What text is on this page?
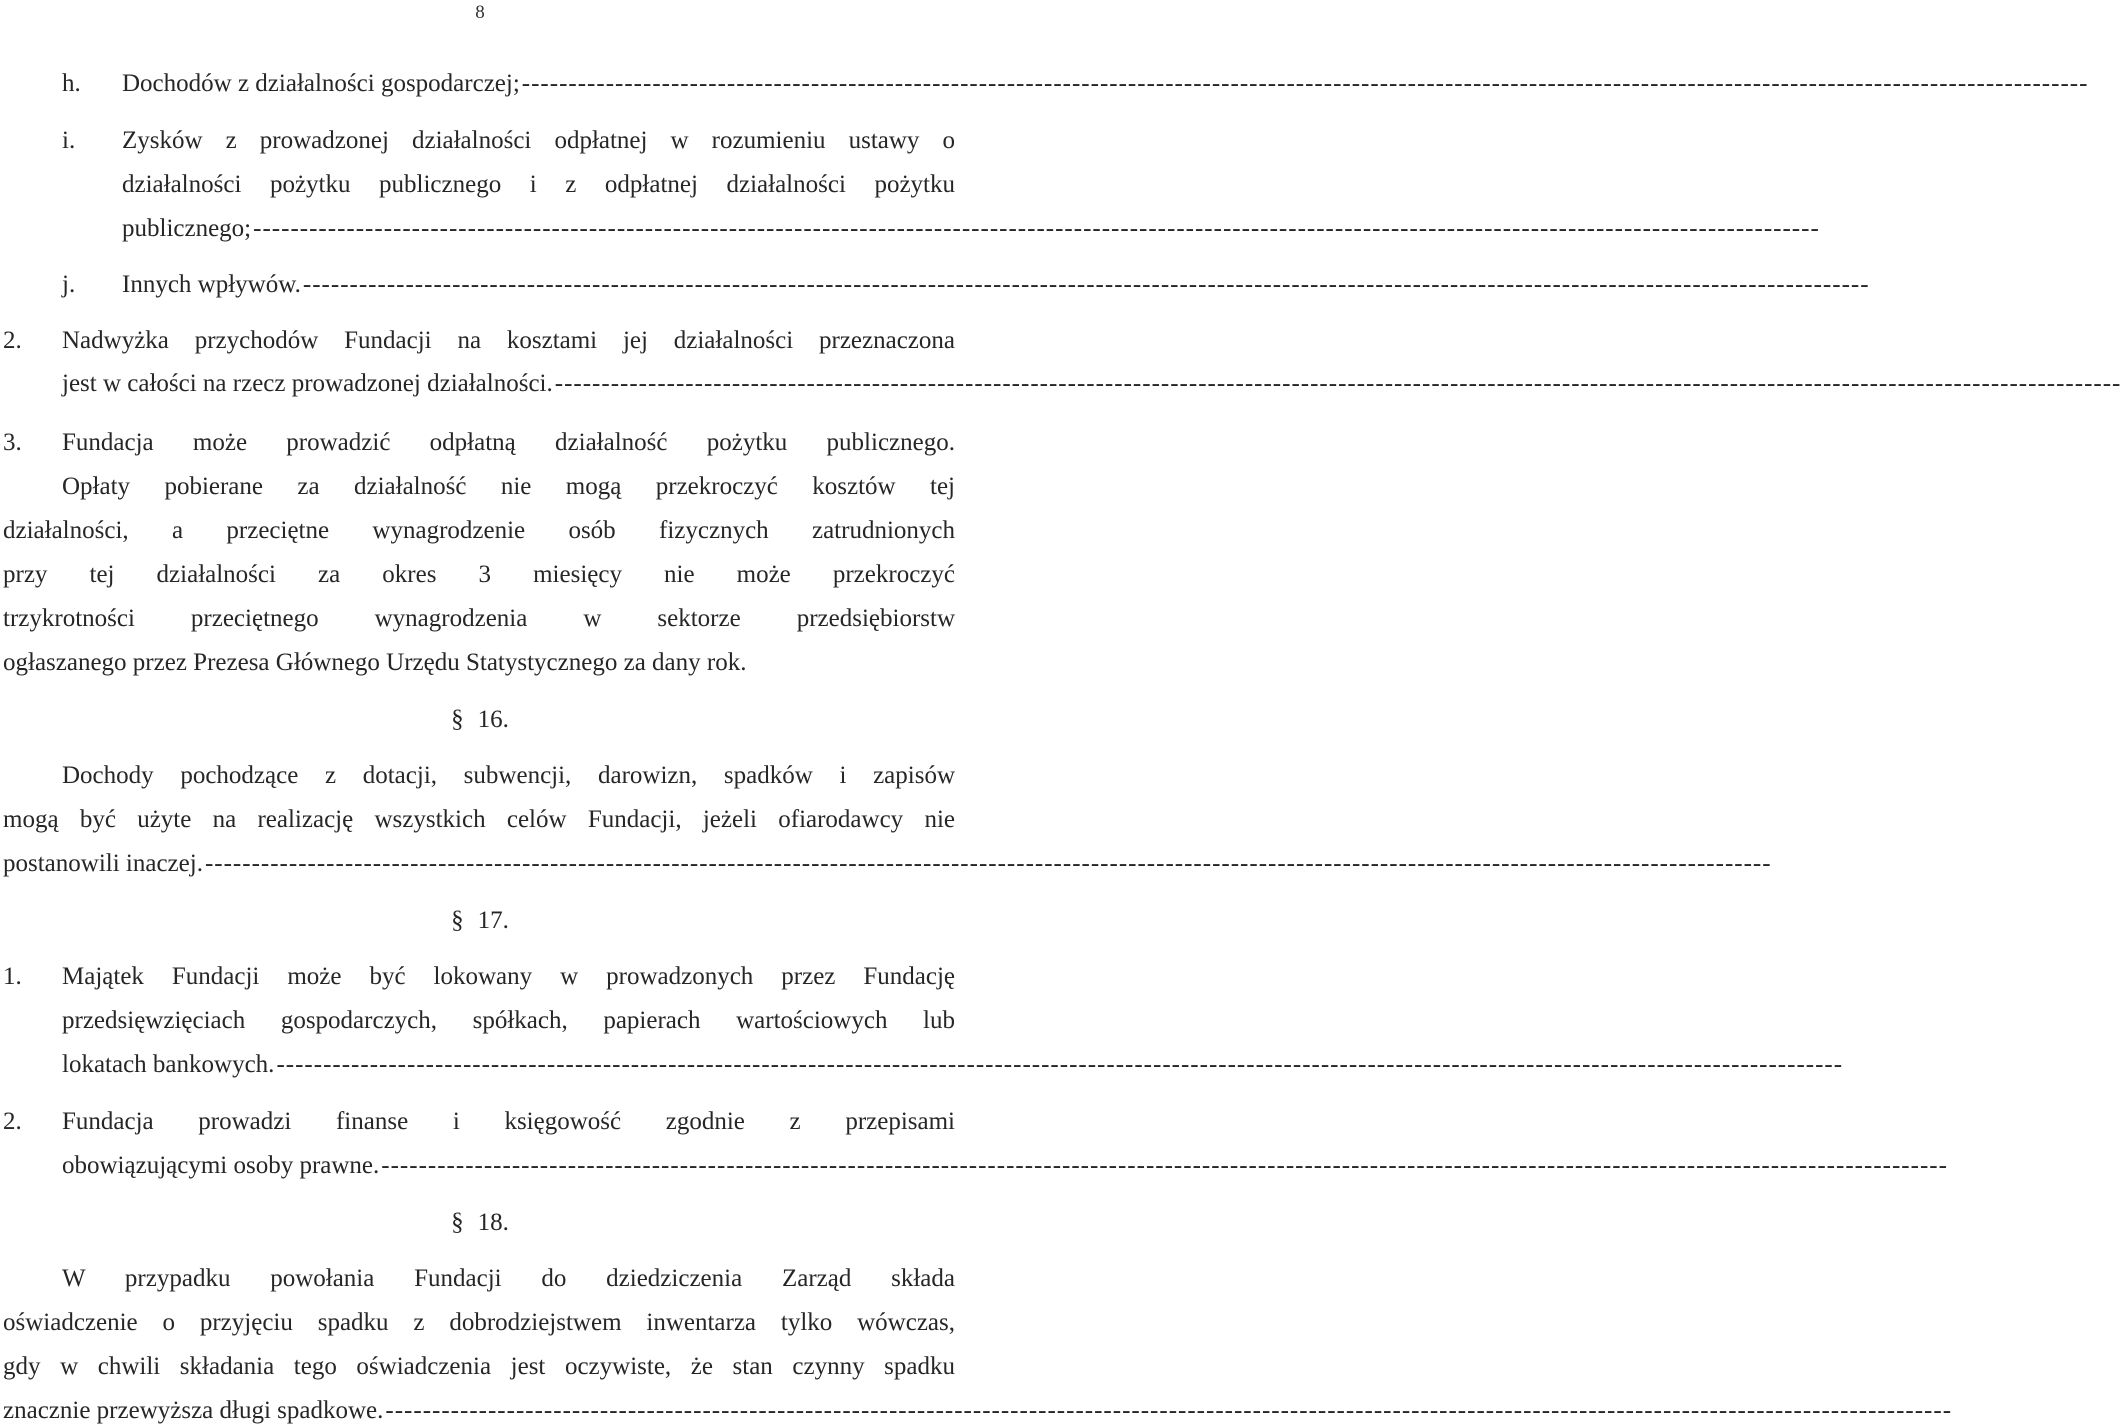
8
h. Dochodów z działalności gospodarczej; ------------------------------------------------------------------------------------------------------------------------------------------------------------------------
i. Zysków z prowadzonej działalności odpłatnej w rozumieniu ustawy o
działalności pożytku publicznego i z odpłatnej działalności pożytku
publicznego; ------------------------------------------------------------------------------------------------------------------------------------------------------------------------
j. Innych wpływów. ------------------------------------------------------------------------------------------------------------------------------------------------------------------------
2. Nadwyżka przychodów Fundacji na kosztami jej działalności przeznaczona
jest w całości na rzecz prowadzonej działalności. ------------------------------------------------------------------------------------------------------------------------------------------------------------------------
3. Fundacja może prowadzić odpłatną działalność pożytku publicznego.
Opłaty pobierane za działalność nie mogą przekroczyć kosztów tej
działalności, a przeciętne wynagrodzenie osób fizycznych zatrudnionych
przy tej działalności za okres 3 miesięcy nie może przekroczyć
trzykrotności przeciętnego wynagrodzenia w sektorze przedsiębiorstw
ogłaszanego przez Prezesa Głównego Urzędu Statystycznego za dany rok.
§ 16.
Dochody pochodzące z dotacji, subwencji, darowizn, spadków i zapisów
mogą być użyte na realizację wszystkich celów Fundacji, jeżeli ofiarodawcy nie
postanowili inaczej. ------------------------------------------------------------------------------------------------------------------------------------------------------------------------
§ 17.
1. Majątek Fundacji może być lokowany w prowadzonych przez Fundację
przedsięwzięciach gospodarczych, spółkach, papierach wartościowych lub
lokatach bankowych. ------------------------------------------------------------------------------------------------------------------------------------------------------------------------
2. Fundacja prowadzi finanse i księgowość zgodnie z przepisami
obowiązującymi osoby prawne. ------------------------------------------------------------------------------------------------------------------------------------------------------------------------
§ 18.
W przypadku powołania Fundacji do dziedziczenia Zarząd składa
oświadczenie o przyjęciu spadku z dobrodziejstwem inwentarza tylko wówczas,
gdy w chwili składania tego oświadczenia jest oczywiste, że stan czynny spadku
znacznie przewyższa długi spadkowe. ------------------------------------------------------------------------------------------------------------------------------------------------------------------------
